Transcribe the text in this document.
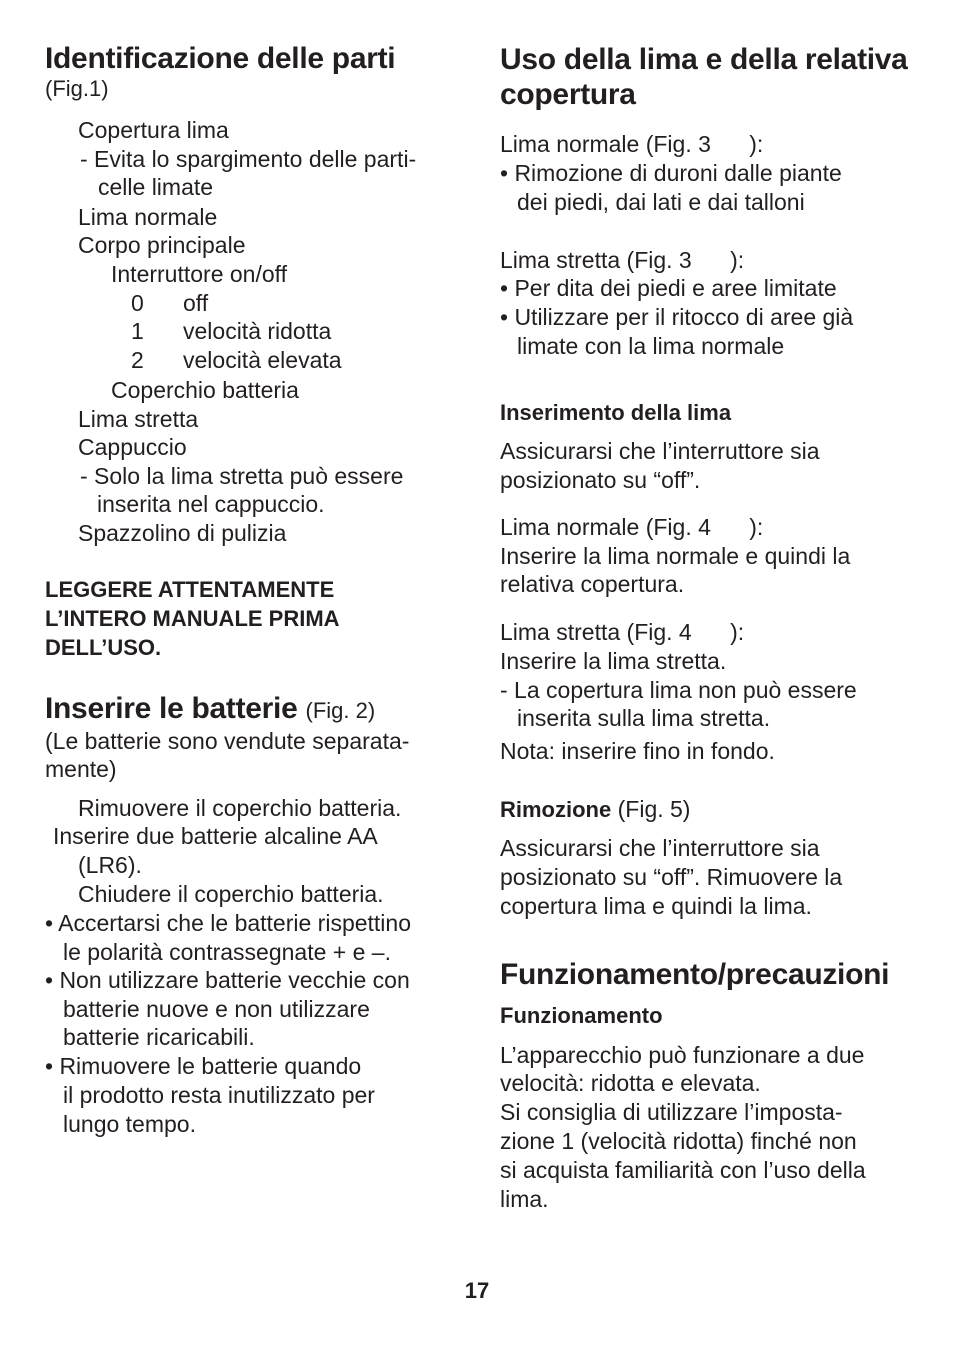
Identificazione delle parti
(Fig.1)
Copertura lima
- Evita lo spargimento delle parti-
celle limate
Lima normale
Corpo principale
Interruttore on/off
0 off
1 velocità ridotta
2 velocità elevata
Coperchio batteria
Lima stretta
Cappuccio
- Solo la lima stretta può essere
inserita nel cappuccio.
Spazzolino di pulizia
LEGGERE ATTENTAMENTE
L’INTERO MANUALE PRIMA
DELL’USO.
Inserire le batterie (Fig. 2)
(Le batterie sono vendute separata-
mente)
Rimuovere il coperchio batteria.
Inserire due batterie alcaline AA
(LR6).
Chiudere il coperchio batteria.
• Accertarsi che le batterie rispettino
le polarità contrassegnate + e –.
• Non utilizzare batterie vecchie con
batterie nuove e non utilizzare
batterie ricaricabili.
• Rimuovere le batterie quando
il prodotto resta inutilizzato per
lungo tempo.
Uso della lima e della relativa
copertura
Lima normale (Fig. 3      ):
• Rimozione di duroni dalle piante
dei piedi, dai lati e dai talloni
Lima stretta (Fig. 3      ):
• Per dita dei piedi e aree limitate
• Utilizzare per il ritocco di aree già
limate con la lima normale
Inserimento della lima
Assicurarsi che l’interruttore sia
posizionato su “off”.
Lima normale (Fig. 4      ):
Inserire la lima normale e quindi la
relativa copertura.
Lima stretta (Fig. 4      ):
Inserire la lima stretta.
- La copertura lima non può essere
inserita sulla lima stretta.
Nota: inserire fino in fondo.
Rimozione (Fig. 5)
Assicurarsi che l’interruttore sia
posizionato su “off”. Rimuovere la
copertura lima e quindi la lima.
Funzionamento/precauzioni
Funzionamento
L’apparecchio può funzionare a due
velocità: ridotta e elevata.
Si consiglia di utilizzare l’imposta-
zione 1 (velocità ridotta) finché non
si acquista familiarità con l’uso della
lima.
17
